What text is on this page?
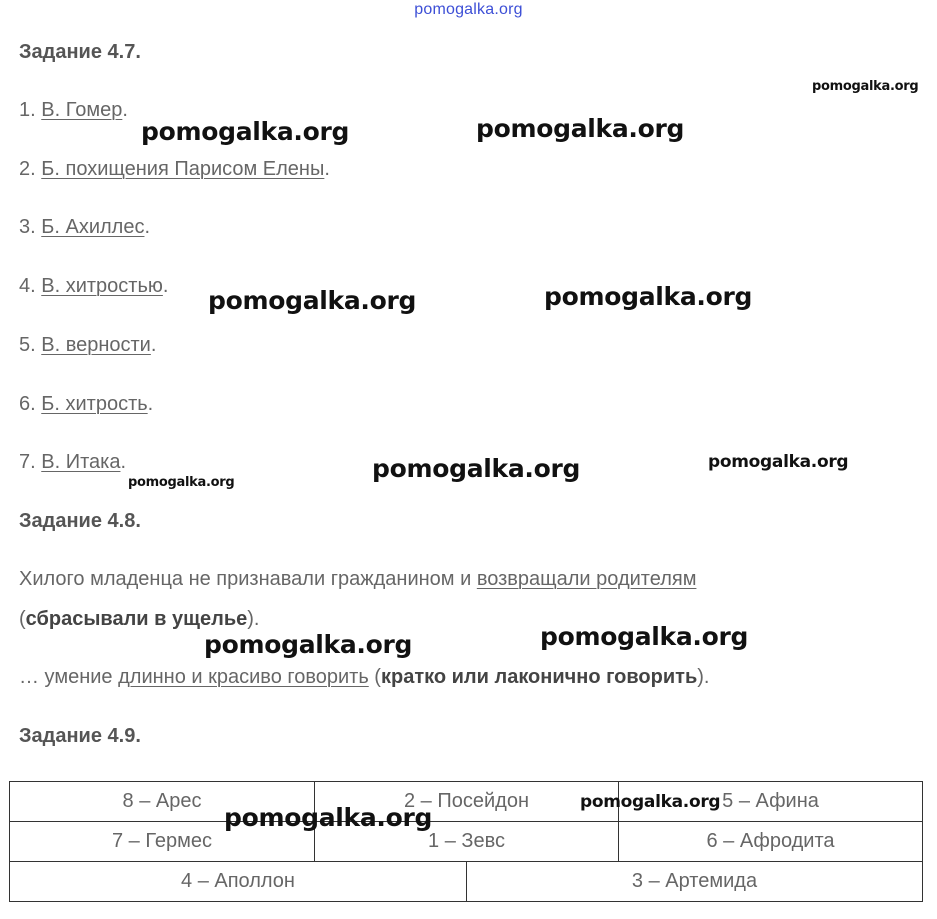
pomogalka.org
Задание 4.7.
1. В. Гомер.
2. Б. похищения Парисом Елены.
3. Б. Ахиллес.
4. В. хитростью.
5. В. верности.
6. Б. хитрость.
7. В. Итака.
Задание 4.8.
Хилого младенца не признавали гражданином и возвращали родителям
(сбрасывали в ущелье).
… умение длинно и красиво говорить (кратко или лаконично говорить).
Задание 4.9.
8 – Арес	2 – Посейдон		5 – Афина
7 – Гермес	1 – Зевс		6 – Афродита
4 – Аполлон		3 – Артемида	
pomogalka.org
pomogalka.org	pomogalka.org
pomogalka.org	pomogalka.org
pomogalka.org	pomogalka.org
pomogalka.org
pomogalka.org	pomogalka.org
pomogalka.org
pomogalka.org
